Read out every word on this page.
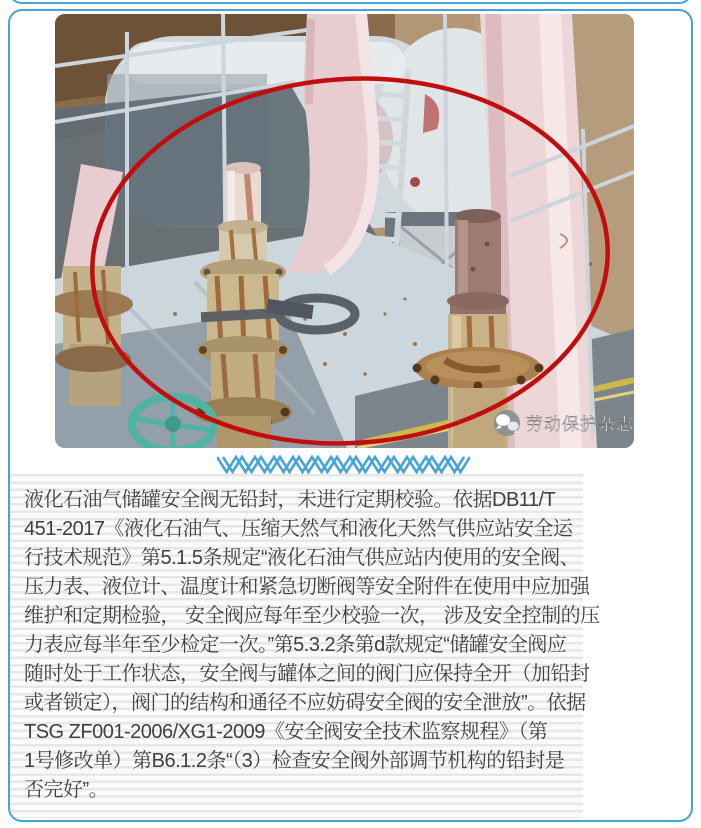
劳动保护杂志
液化石油气储罐安全阀无铅封，未进行定期校验。依据DB11/T
451-2017《液化石油气、压缩天然气和液化天然气供应站安全运
行技术规范》第5.1.5条规定“液化石油气供应站内使用的安全阀、
压力表、液位计、温度计和紧急切断阀等安全附件在使用中应加强
维护和定期检验， 安全阀应每年至少校验一次， 涉及安全控制的压
力表应每半年至少检定一次。”第5.3.2条第d款规定“储罐安全阀应
随时处于工作状态，安全阀与罐体之间的阀门应保持全开（加铅封
或者锁定），阀门的结构和通径不应妨碍安全阀的安全泄放”。依据
TSG ZF001-2006/XG1-2009《安全阀安全技术监察规程》（第
1号修改单）第B6.1.2条“（3）检查安全阀外部调节机构的铅封是
否完好”。
